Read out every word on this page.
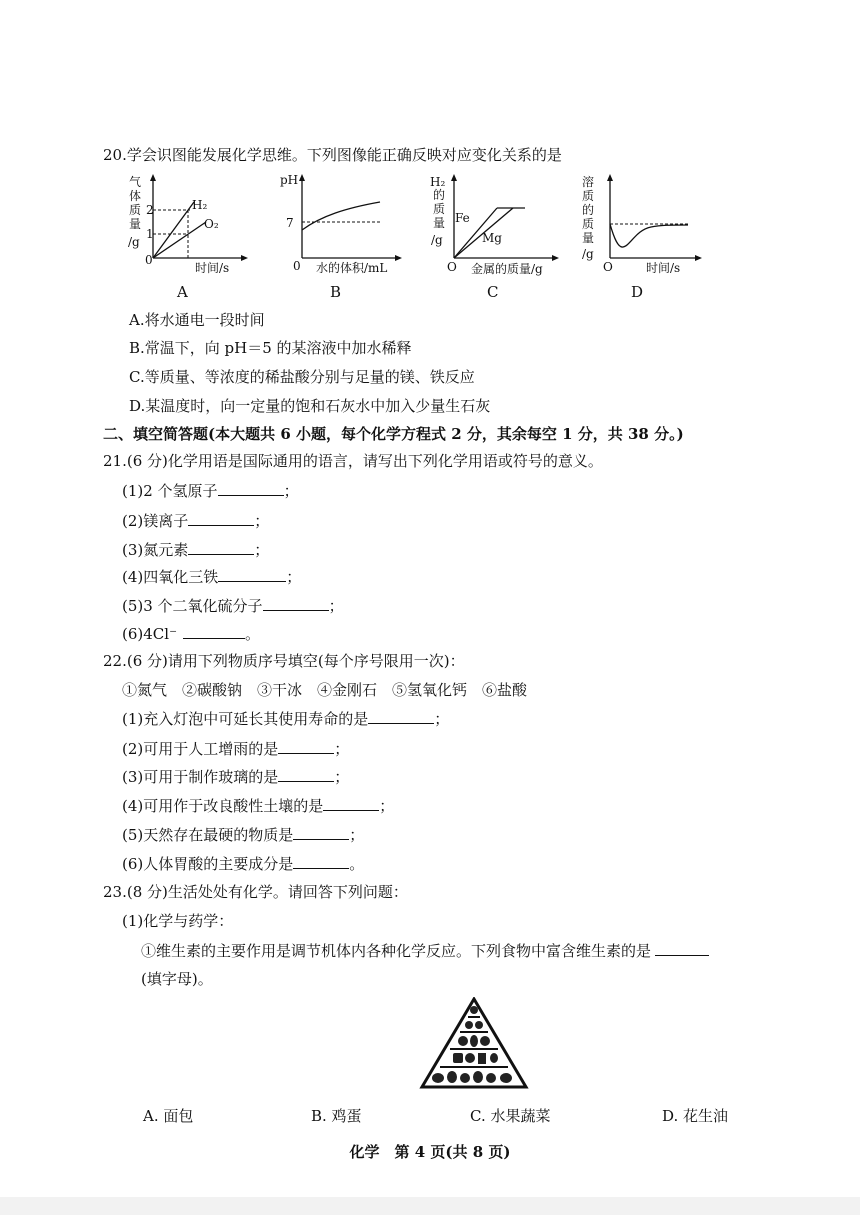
20.学会识图能发展化学思维。下列图像能正确反映对应变化关系的是
气
体
质
量
/g
2
1
0
时间/s
H₂
O₂
A
pH
7
0 水的体积/mL
B
H₂
的
质
量
/g
O 金属的质量/g
Fe
Mg
C
溶
质
的
质
量
/g
O	时间/s
D
A.将水通电一段时间
B.常温下，向 pH＝5 的某溶液中加水稀释
C.等质量、等浓度的稀盐酸分别与足量的镁、铁反应
D.某温度时，向一定量的饱和石灰水中加入少量生石灰
二、填空简答题(本大题共 6 小题，每个化学方程式 2 分，其余每空 1 分，共 38 分。)
21.(6 分)化学用语是国际通用的语言，请写出下列化学用语或符号的意义。
(1)2 个氢原子	；
(2)镁离子	；
(3)氮元素	；
(4)四氧化三铁	；
(5)3 个二氧化硫分子	；
(6)4Cl⁻	。
22.(6 分)请用下列物质序号填空(每个序号限用一次)：
①氮气　②碳酸钠　③干冰　④金刚石　⑤氢氧化钙　⑥盐酸
(1)充入灯泡中可延长其使用寿命的是	；
(2)可用于人工增雨的是	；
(3)可用于制作玻璃的是	；
(4)可用作于改良酸性土壤的是	；
(5)天然存在最硬的物质是	；
(6)人体胃酸的主要成分是	。
23.(8 分)生活处处有化学。请回答下列问题：
(1)化学与药学：
①维生素的主要作用是调节机体内各种化学反应。下列食物中富含维生素的是
(填字母)。
A. 面包	B. 鸡蛋	C. 水果蔬菜	D. 花生油
化学　第 4 页(共 8 页)
